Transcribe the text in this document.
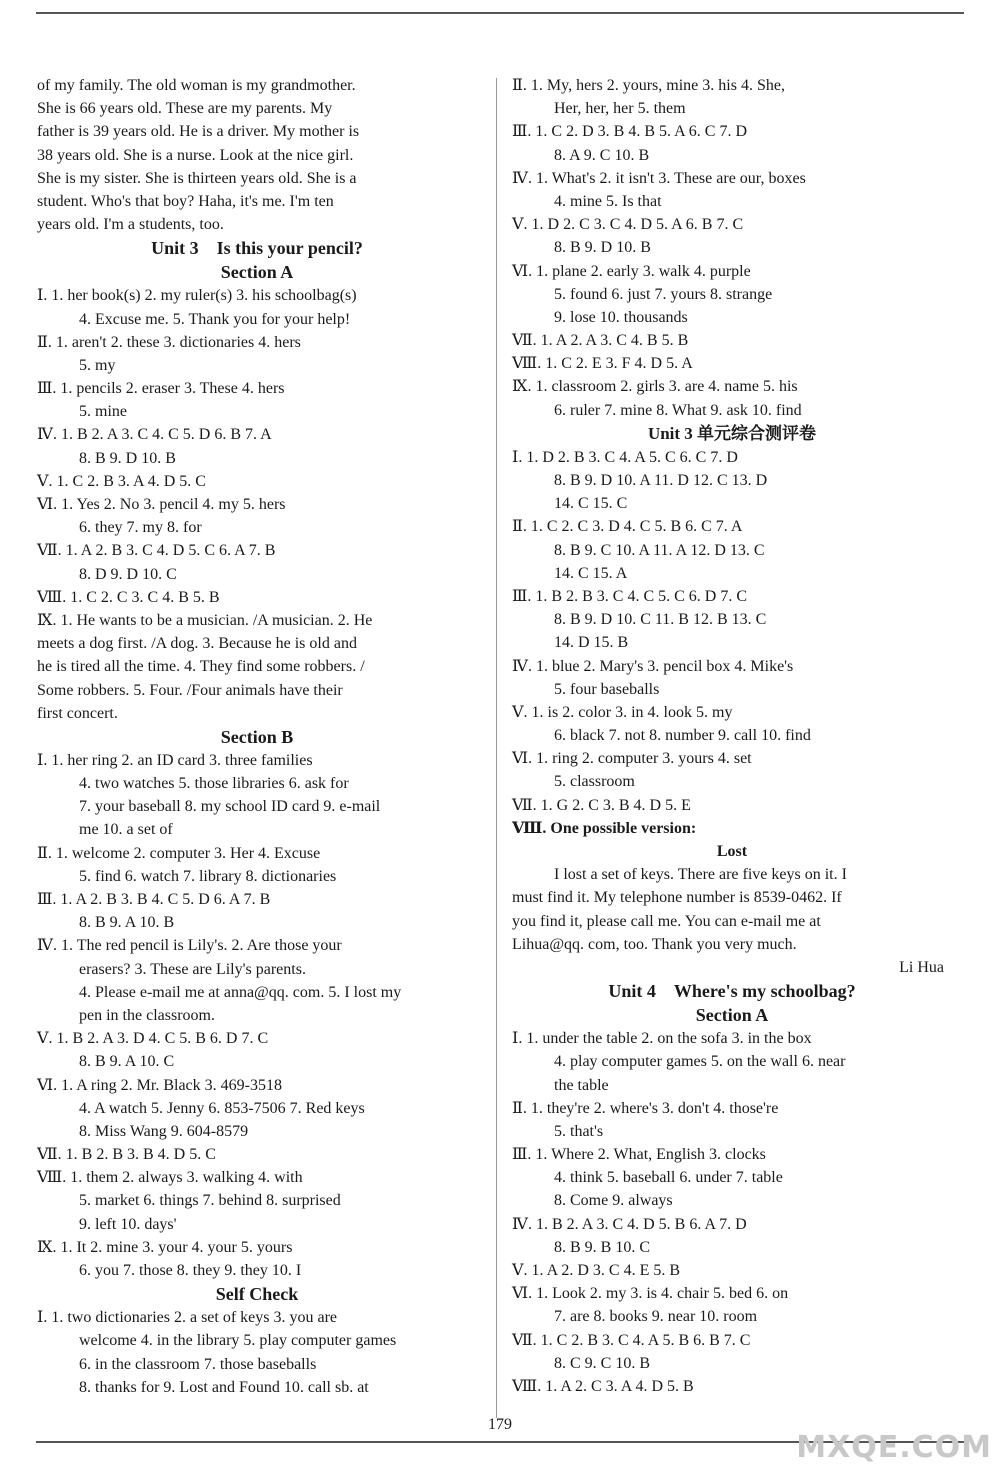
of my family. The old woman is my grandmother.
She is 66 years old. These are my parents. My
father is 39 years old. He is a driver. My mother is
38 years old. She is a nurse. Look at the nice girl.
She is my sister. She is thirteen years old. She is a
student. Who's that boy? Haha, it's me. I'm ten
years old. I'm a students, too.
Unit 3　Is this your pencil?
Section A
Ⅰ. 1. her book(s) 2. my ruler(s) 3. his schoolbag(s)
4. Excuse me. 5. Thank you for your help!
Ⅱ. 1. aren't 2. these 3. dictionaries 4. hers
5. my
Ⅲ. 1. pencils 2. eraser 3. These 4. hers
5. mine
Ⅳ. 1. B 2. A 3. C 4. C 5. D 6. B 7. A
8. B 9. D 10. B
Ⅴ. 1. C 2. B 3. A 4. D 5. C
Ⅵ. 1. Yes 2. No 3. pencil 4. my 5. hers
6. they 7. my 8. for
Ⅶ. 1. A 2. B 3. C 4. D 5. C 6. A 7. B
8. D 9. D 10. C
Ⅷ. 1. C 2. C 3. C 4. B 5. B
Ⅸ. 1. He wants to be a musician. /A musician. 2. He
meets a dog first. /A dog. 3. Because he is old and
he is tired all the time. 4. They find some robbers. /
Some robbers. 5. Four. /Four animals have their
first concert.
Section B
Ⅰ. 1. her ring 2. an ID card 3. three families
4. two watches 5. those libraries 6. ask for
7. your baseball 8. my school ID card 9. e-mail
me 10. a set of
Ⅱ. 1. welcome 2. computer 3. Her 4. Excuse
5. find 6. watch 7. library 8. dictionaries
Ⅲ. 1. A 2. B 3. B 4. C 5. D 6. A 7. B
8. B 9. A 10. B
Ⅳ. 1. The red pencil is Lily's. 2. Are those your
erasers? 3. These are Lily's parents.
4. Please e-mail me at anna@qq. com. 5. I lost my
pen in the classroom.
Ⅴ. 1. B 2. A 3. D 4. C 5. B 6. D 7. C
8. B 9. A 10. C
Ⅵ. 1. A ring 2. Mr. Black 3. 469-3518
4. A watch 5. Jenny 6. 853-7506 7. Red keys
8. Miss Wang 9. 604-8579
Ⅶ. 1. B 2. B 3. B 4. D 5. C
Ⅷ. 1. them 2. always 3. walking 4. with
5. market 6. things 7. behind 8. surprised
9. left 10. days'
Ⅸ. 1. It 2. mine 3. your 4. your 5. yours
6. you 7. those 8. they 9. they 10. I
Self Check
Ⅰ. 1. two dictionaries 2. a set of keys 3. you are
welcome 4. in the library 5. play computer games
6. in the classroom 7. those baseballs
8. thanks for 9. Lost and Found 10. call sb. at
Ⅱ. 1. My, hers 2. yours, mine 3. his 4. She,
Her, her, her 5. them
Ⅲ. 1. C 2. D 3. B 4. B 5. A 6. C 7. D
8. A 9. C 10. B
Ⅳ. 1. What's 2. it isn't 3. These are our, boxes
4. mine 5. Is that
Ⅴ. 1. D 2. C 3. C 4. D 5. A 6. B 7. C
8. B 9. D 10. B
Ⅵ. 1. plane 2. early 3. walk 4. purple
5. found 6. just 7. yours 8. strange
9. lose 10. thousands
Ⅶ. 1. A 2. A 3. C 4. B 5. B
Ⅷ. 1. C 2. E 3. F 4. D 5. A
Ⅸ. 1. classroom 2. girls 3. are 4. name 5. his
6. ruler 7. mine 8. What 9. ask 10. find
Unit 3 单元综合测评卷
Ⅰ. 1. D 2. B 3. C 4. A 5. C 6. C 7. D
8. B 9. D 10. A 11. D 12. C 13. D
14. C 15. C
Ⅱ. 1. C 2. C 3. D 4. C 5. B 6. C 7. A
8. B 9. C 10. A 11. A 12. D 13. C
14. C 15. A
Ⅲ. 1. B 2. B 3. C 4. C 5. C 6. D 7. C
8. B 9. D 10. C 11. B 12. B 13. C
14. D 15. B
Ⅳ. 1. blue 2. Mary's 3. pencil box 4. Mike's
5. four baseballs
Ⅴ. 1. is 2. color 3. in 4. look 5. my
6. black 7. not 8. number 9. call 10. find
Ⅵ. 1. ring 2. computer 3. yours 4. set
5. classroom
Ⅶ. 1. G 2. C 3. B 4. D 5. E
Ⅷ. One possible version:
Lost
I lost a set of keys. There are five keys on it. I
must find it. My telephone number is 8539-0462. If
you find it, please call me. You can e-mail me at
Lihua@qq. com, too. Thank you very much.
Li Hua
Unit 4　Where's my schoolbag?
Section A
Ⅰ. 1. under the table 2. on the sofa 3. in the box
4. play computer games 5. on the wall 6. near
the table
Ⅱ. 1. they're 2. where's 3. don't 4. those're
5. that's
Ⅲ. 1. Where 2. What, English 3. clocks
4. think 5. baseball 6. under 7. table
8. Come 9. always
Ⅳ. 1. B 2. A 3. C 4. D 5. B 6. A 7. D
8. B 9. B 10. C
Ⅴ. 1. A 2. D 3. C 4. E 5. B
Ⅵ. 1. Look 2. my 3. is 4. chair 5. bed 6. on
7. are 8. books 9. near 10. room
Ⅶ. 1. C 2. B 3. C 4. A 5. B 6. B 7. C
8. C 9. C 10. B
Ⅷ. 1. A 2. C 3. A 4. D 5. B
179
MXQE.COM
